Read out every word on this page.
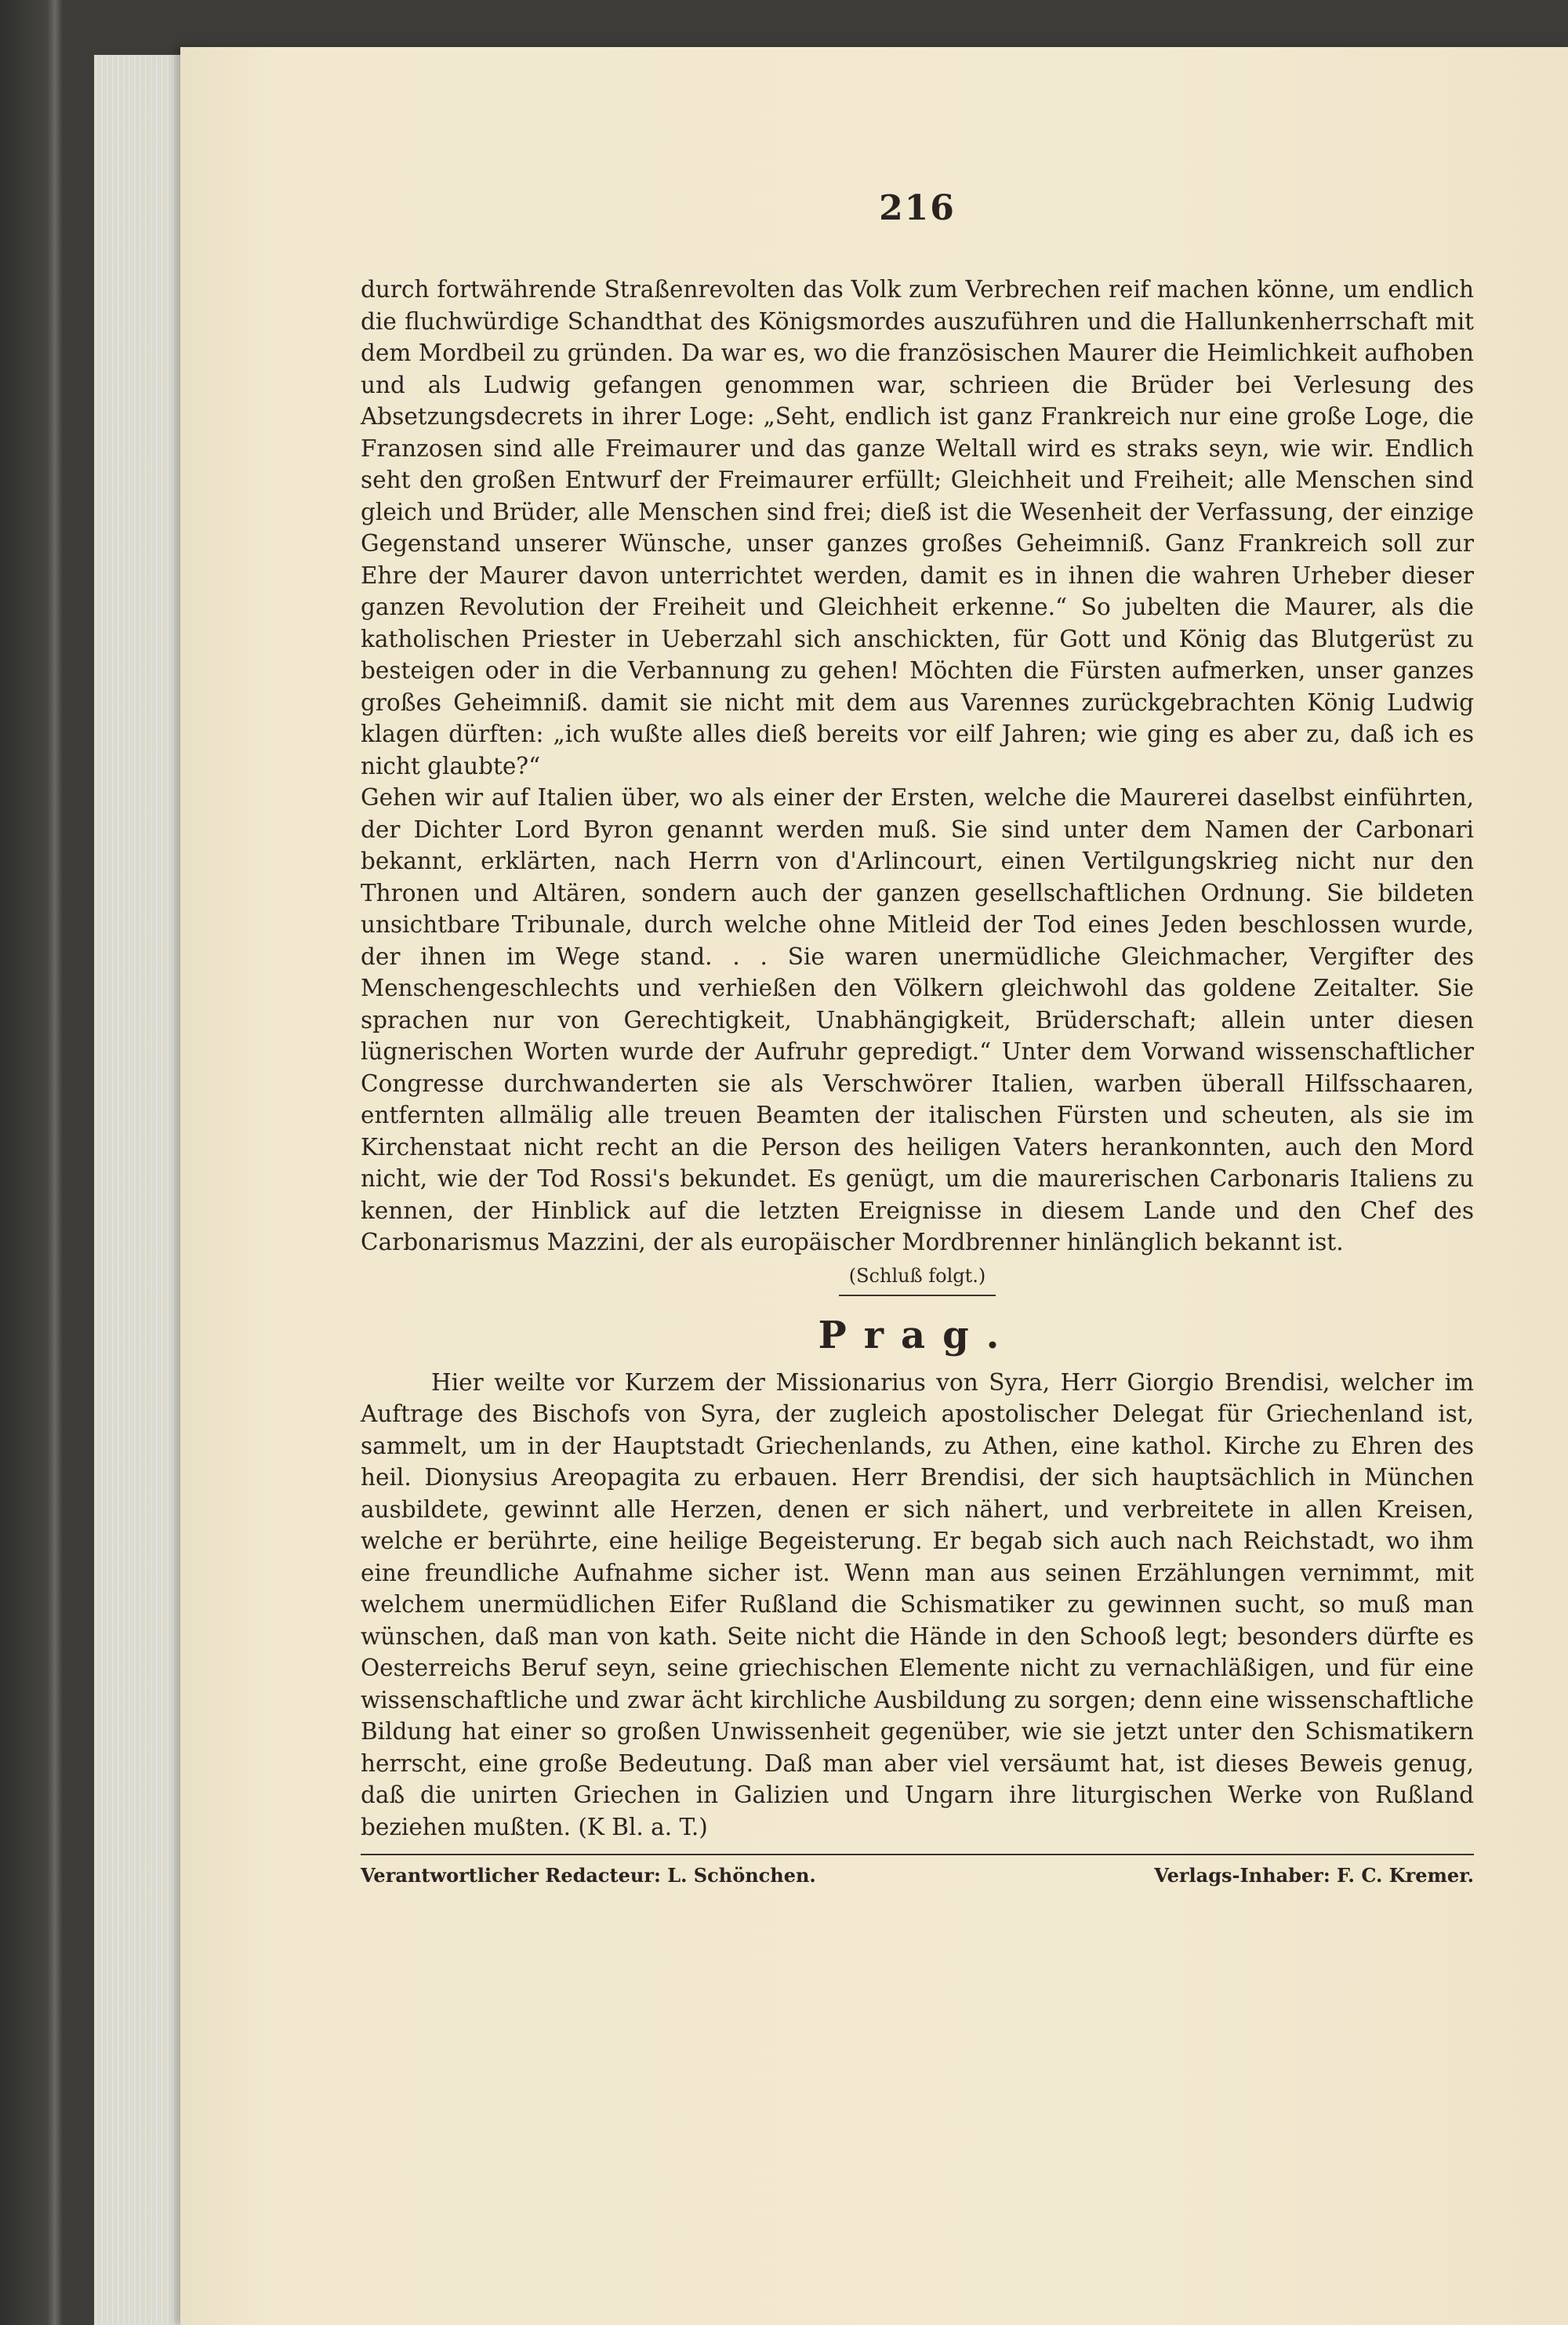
216

durch fortwährende Straßenrevolten das Volk zum Verbrechen reif machen könne, um endlich die fluchwürdige Schandthat des Königsmordes auszuführen und die Hallunkenherrschaft mit dem Mordbeil zu gründen. Da war es, wo die französischen Maurer die Heimlichkeit aufhoben und als Ludwig gefangen genommen war, schrieen die Brüder bei Verlesung des Absetzungsdecrets in ihrer Loge: „Seht, endlich ist ganz Frankreich nur eine große Loge, die Franzosen sind alle Freimaurer und das ganze Weltall wird es straks seyn, wie wir. Endlich seht den großen Entwurf der Freimaurer erfüllt; Gleichheit und Freiheit; alle Menschen sind gleich und Brüder, alle Menschen sind frei; dieß ist die Wesenheit der Verfassung, der einzige Gegenstand unserer Wünsche, unser ganzes großes Geheimniß. Ganz Frankreich soll zur Ehre der Maurer davon unterrichtet werden, damit es in ihnen die wahren Urheber dieser ganzen Revolution der Freiheit und Gleichheit erkenne.“ So jubelten die Maurer, als die katholischen Priester in Ueberzahl sich anschickten, für Gott und König das Blutgerüst zu besteigen oder in die Verbannung zu gehen! Möchten die Fürsten aufmerken, unser ganzes großes Geheimniß. damit sie nicht mit dem aus Varennes zurückgebrachten König Ludwig klagen dürften: „ich wußte alles dieß bereits vor eilf Jahren; wie ging es aber zu, daß ich es nicht glaubte?“

Gehen wir auf Italien über, wo als einer der Ersten, welche die Maurerei daselbst einführten, der Dichter Lord Byron genannt werden muß. Sie sind unter dem Namen der Carbonari bekannt, erklärten, nach Herrn von d'Arlincourt, einen Vertilgungskrieg nicht nur den Thronen und Altären, sondern auch der ganzen gesellschaftlichen Ordnung. Sie bildeten unsichtbare Tribunale, durch welche ohne Mitleid der Tod eines Jeden beschlossen wurde, der ihnen im Wege stand. . . Sie waren unermüdliche Gleichmacher, Vergifter des Menschengeschlechts und verhießen den Völkern gleichwohl das goldene Zeitalter. Sie sprachen nur von Gerechtigkeit, Unabhängigkeit, Brüderschaft; allein unter diesen lügnerischen Worten wurde der Aufruhr gepredigt.“ Unter dem Vorwand wissenschaftlicher Congresse durchwanderten sie als Verschwörer Italien, warben überall Hilfsschaaren, entfernten allmälig alle treuen Beamten der italischen Fürsten und scheuten, als sie im Kirchenstaat nicht recht an die Person des heiligen Vaters herankonnten, auch den Mord nicht, wie der Tod Rossi's bekundet. Es genügt, um die maurerischen Carbonaris Italiens zu kennen, der Hinblick auf die letzten Ereignisse in diesem Lande und den Chef des Carbonarismus Mazzini, der als europäischer Mordbrenner hinlänglich bekannt ist.

(Schluß folgt.)
Prag.

Hier weilte vor Kurzem der Missionarius von Syra, Herr Giorgio Brendisi, welcher im Auftrage des Bischofs von Syra, der zugleich apostolischer Delegat für Griechenland ist, sammelt, um in der Hauptstadt Griechenlands, zu Athen, eine kathol. Kirche zu Ehren des heil. Dionysius Areopagita zu erbauen. Herr Brendisi, der sich hauptsächlich in München ausbildete, gewinnt alle Herzen, denen er sich nähert, und verbreitete in allen Kreisen, welche er berührte, eine heilige Begeisterung. Er begab sich auch nach Reichstadt, wo ihm eine freundliche Aufnahme sicher ist. Wenn man aus seinen Erzählungen vernimmt, mit welchem unermüdlichen Eifer Rußland die Schismatiker zu gewinnen sucht, so muß man wünschen, daß man von kath. Seite nicht die Hände in den Schooß legt; besonders dürfte es Oesterreichs Beruf seyn, seine griechischen Elemente nicht zu vernachläßigen, und für eine wissenschaftliche und zwar ächt kirchliche Ausbildung zu sorgen; denn eine wissenschaftliche Bildung hat einer so großen Unwissenheit gegenüber, wie sie jetzt unter den Schismatikern herrscht, eine große Bedeutung. Daß man aber viel versäumt hat, ist dieses Beweis genug, daß die unirten Griechen in Galizien und Ungarn ihre liturgischen Werke von Rußland beziehen mußten. (K Bl. a. T.)

Verantwortlicher Redacteur: L. Schönchen.	Verlags-Inhaber: F. C. Kremer.
